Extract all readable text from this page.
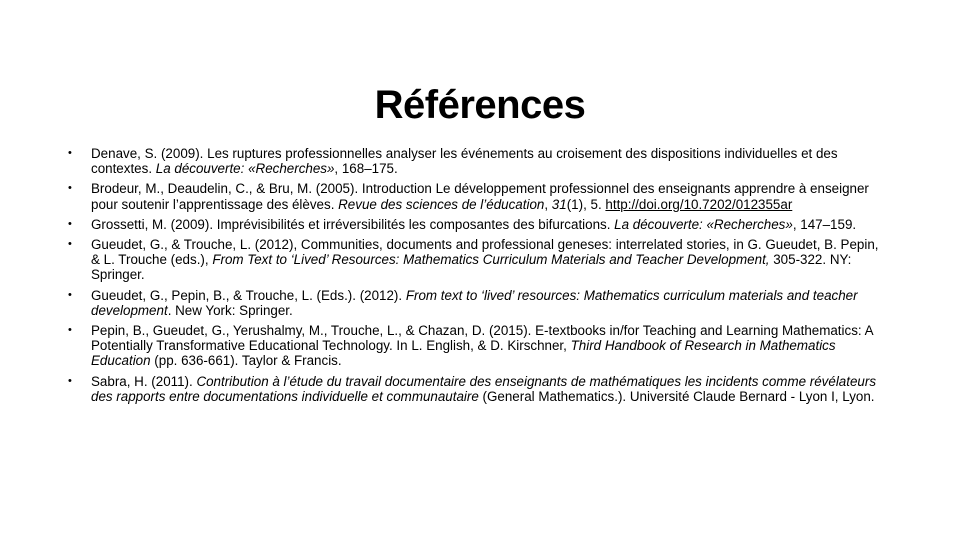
Références
• Denave, S. (2009). Les ruptures professionnelles analyser les événements au croisement des dispositions individuelles et des contextes. La découverte: «Recherches», 168–175.
• Brodeur, M., Deaudelin, C., & Bru, M. (2005). Introduction Le développement professionnel des enseignants apprendre à enseigner pour soutenir l’apprentissage des élèves. Revue des sciences de l’éducation, 31(1), 5. http://doi.org/10.7202/012355ar
• Grossetti, M. (2009). Imprévisibilités et irréversibilités les composantes des bifurcations. La découverte: «Recherches», 147–159.
• Gueudet, G., & Trouche, L. (2012), Communities, documents and professional geneses: interrelated stories, in G. Gueudet, B. Pepin, & L. Trouche (eds.), From Text to ‘Lived’ Resources: Mathematics Curriculum Materials and Teacher Development, 305-322. NY: Springer.
• Gueudet, G., Pepin, B., & Trouche, L. (Eds.). (2012). From text to ‘lived’ resources: Mathematics curriculum materials and teacher development. New York: Springer.
• Pepin, B., Gueudet, G., Yerushalmy, M., Trouche, L., & Chazan, D. (2015). E-textbooks in/for Teaching and Learning Mathematics: A Potentially Transformative Educational Technology. In L. English, & D. Kirschner, Third Handbook of Research in Mathematics Education (pp. 636-661). Taylor & Francis.
• Sabra, H. (2011). Contribution à l’étude du travail documentaire des enseignants de mathématiques les incidents comme révélateurs des rapports entre documentations individuelle et communautaire (General Mathematics.). Université Claude Bernard - Lyon I, Lyon.
